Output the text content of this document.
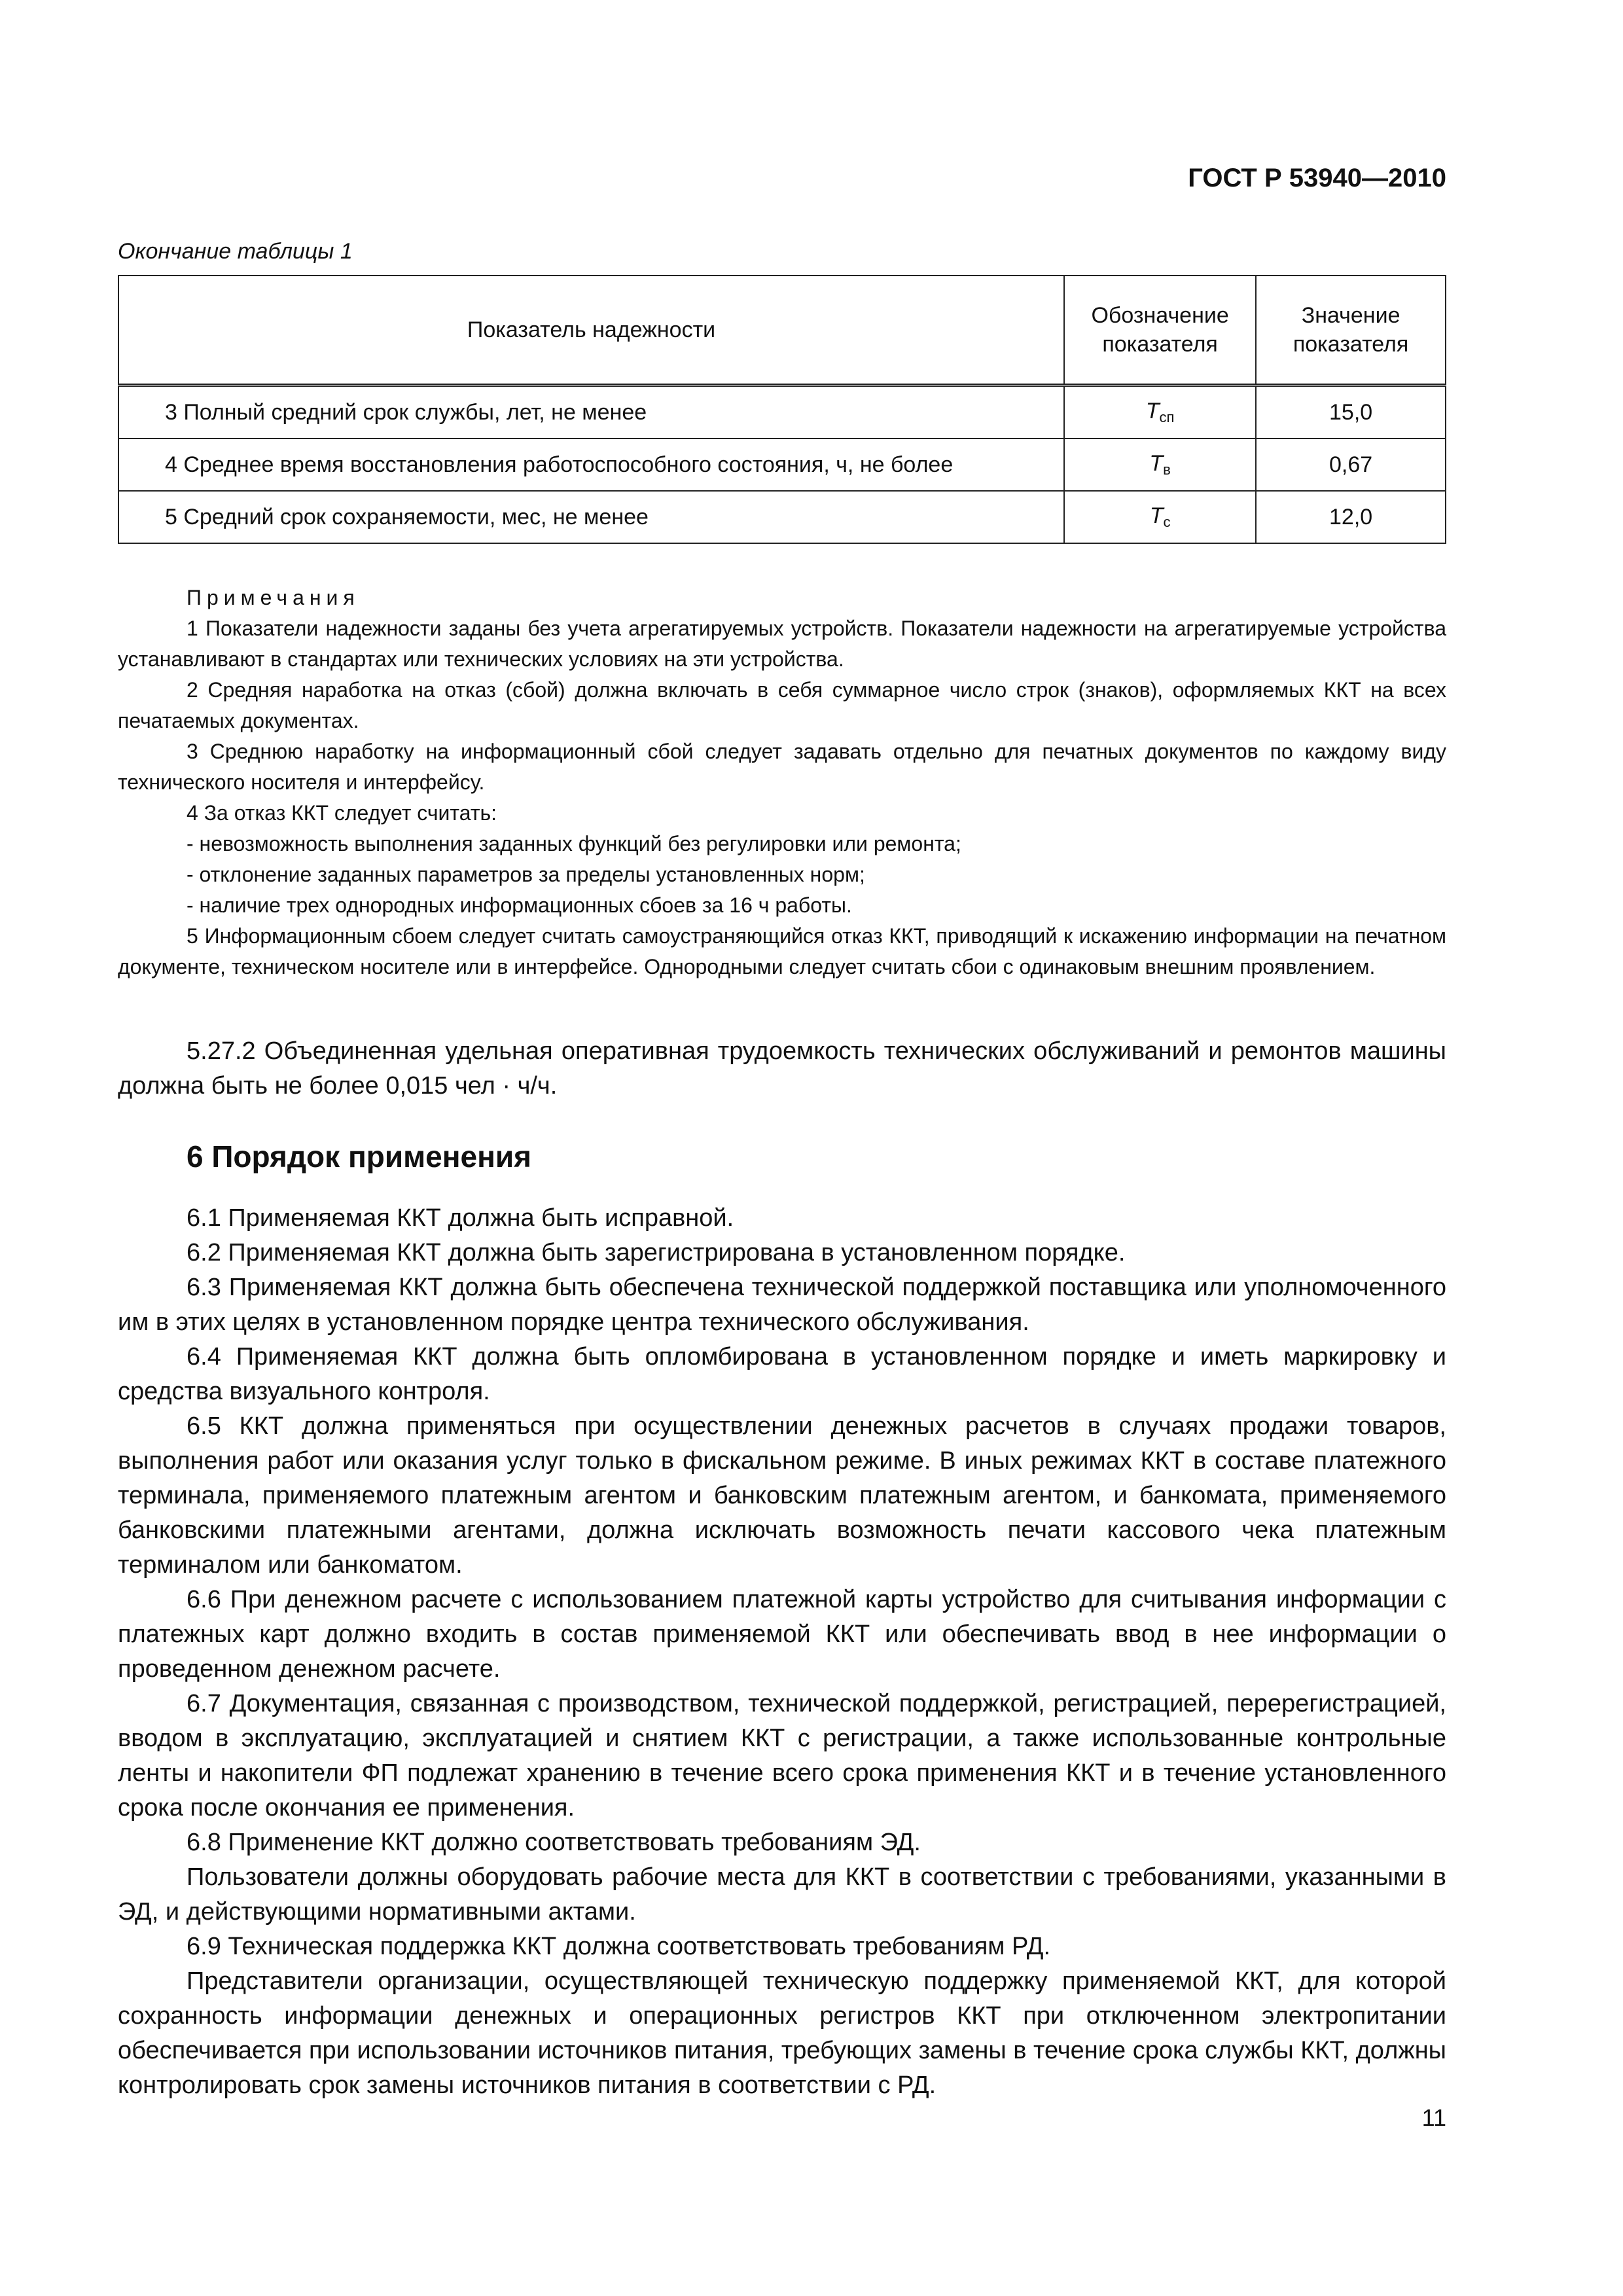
ГОСТ Р 53940—2010
Окончание таблицы 1
Показатель надежности	Обозначение показателя	Значение показателя
3 Полный средний срок службы, лет, не менее	$T_{сп}$	15,0
4 Среднее время восстановления работоспособного состояния, ч, не более	$T_в$	0,67
5 Средний срок сохраняемости, мес, не менее	$T_с$	12,0
Примечания

1 Показатели надежности заданы без учета агрегатируемых устройств. Показатели надежности на агрегатируемые устройства устанавливают в стандартах или технических условиях на эти устройства.

2 Средняя наработка на отказ (сбой) должна включать в себя суммарное число строк (знаков), оформляемых ККТ на всех печатаемых документах.

3 Среднюю наработку на информационный сбой следует задавать отдельно для печатных документов по каждому виду технического носителя и интерфейсу.

4 За отказ ККТ следует считать:

- невозможность выполнения заданных функций без регулировки или ремонта;

- отклонение заданных параметров за пределы установленных норм;

- наличие трех однородных информационных сбоев за 16 ч работы.

5 Информационным сбоем следует считать самоустраняющийся отказ ККТ, приводящий к искажению информации на печатном документе, техническом носителе или в интерфейсе. Однородными следует считать сбои с одинаковым внешним проявлением.

5.27.2 Объединенная удельная оперативная трудоемкость технических обслуживаний и ремонтов машины должна быть не более 0,015 чел · ч/ч.

6 Порядок применения

6.1 Применяемая ККТ должна быть исправной.

6.2 Применяемая ККТ должна быть зарегистрирована в установленном порядке.

6.3 Применяемая ККТ должна быть обеспечена технической поддержкой поставщика или уполномоченного им в этих целях в установленном порядке центра технического обслуживания.

6.4 Применяемая ККТ должна быть опломбирована в установленном порядке и иметь маркировку и средства визуального контроля.

6.5 ККТ должна применяться при осуществлении денежных расчетов в случаях продажи товаров, выполнения работ или оказания услуг только в фискальном режиме. В иных режимах ККТ в составе платежного терминала, применяемого платежным агентом и банковским платежным агентом, и банкомата, применяемого банковскими платежными агентами, должна исключать возможность печати кассового чека платежным терминалом или банкоматом.

6.6 При денежном расчете с использованием платежной карты устройство для считывания информации с платежных карт должно входить в состав применяемой ККТ или обеспечивать ввод в нее информации о проведенном денежном расчете.

6.7 Документация, связанная с производством, технической поддержкой, регистрацией, перерегистрацией, вводом в эксплуатацию, эксплуатацией и снятием ККТ с регистрации, а также использованные контрольные ленты и накопители ФП подлежат хранению в течение всего срока применения ККТ и в течение установленного срока после окончания ее применения.

6.8 Применение ККТ должно соответствовать требованиям ЭД.

Пользователи должны оборудовать рабочие места для ККТ в соответствии с требованиями, указанными в ЭД, и действующими нормативными актами.

6.9 Техническая поддержка ККТ должна соответствовать требованиям РД.

Представители организации, осуществляющей техническую поддержку применяемой ККТ, для которой сохранность информации денежных и операционных регистров ККТ при отключенном электропитании обеспечивается при использовании источников питания, требующих замены в течение срока службы ККТ, должны контролировать срок замены источников питания в соответствии с РД.

11
